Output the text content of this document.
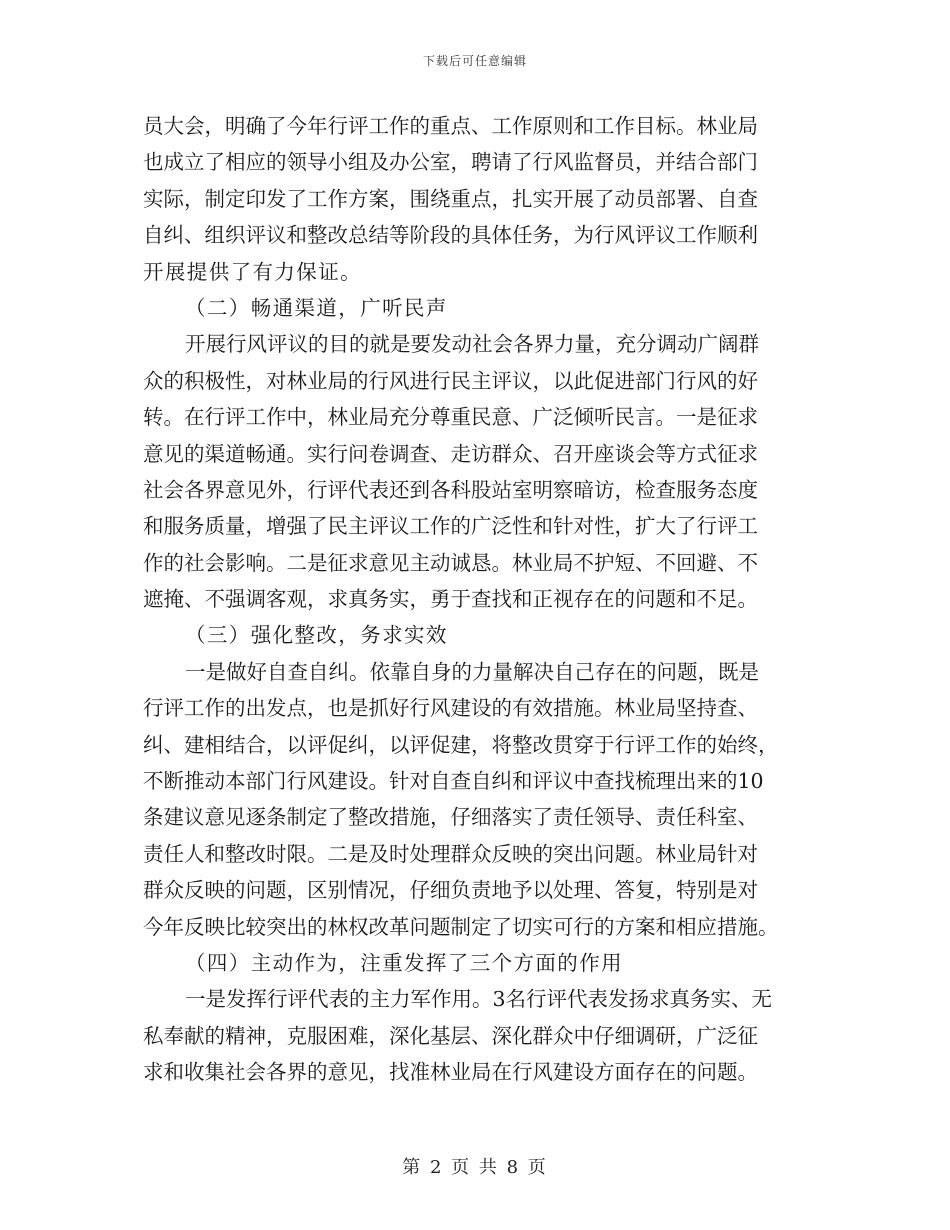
下载后可任意编辑
员大会，明确了今年行评工作的重点、工作原则和工作目标。林业局
也成立了相应的领导小组及办公室，聘请了行风监督员，并结合部门
实际，制定印发了工作方案，围绕重点，扎实开展了动员部署、自查
自纠、组织评议和整改总结等阶段的具体任务，为行风评议工作顺利
开展提供了有力保证。
（二）畅通渠道，广听民声
开展行风评议的目的就是要发动社会各界力量，充分调动广阔群
众的积极性，对林业局的行风进行民主评议，以此促进部门行风的好
转。在行评工作中，林业局充分尊重民意、广泛倾听民言。一是征求
意见的渠道畅通。实行问卷调查、走访群众、召开座谈会等方式征求
社会各界意见外，行评代表还到各科股站室明察暗访，检查服务态度
和服务质量，增强了民主评议工作的广泛性和针对性，扩大了行评工
作的社会影响。二是征求意见主动诚恳。林业局不护短、不回避、不
遮掩、不强调客观，求真务实，勇于查找和正视存在的问题和不足。
（三）强化整改，务求实效
一是做好自查自纠。依靠自身的力量解决自己存在的问题，既是
行评工作的出发点，也是抓好行风建设的有效措施。林业局坚持查、
纠、建相结合，以评促纠，以评促建，将整改贯穿于行评工作的始终，
不断推动本部门行风建设。针对自查自纠和评议中查找梳理出来的10
条建议意见逐条制定了整改措施，仔细落实了责任领导、责任科室、
责任人和整改时限。二是及时处理群众反映的突出问题。林业局针对
群众反映的问题，区别情况，仔细负责地予以处理、答复，特别是对
今年反映比较突出的林权改革问题制定了切实可行的方案和相应措施。
（四）主动作为，注重发挥了三个方面的作用
一是发挥行评代表的主力军作用。3名行评代表发扬求真务实、无
私奉献的精神，克服困难，深化基层、深化群众中仔细调研，广泛征
求和收集社会各界的意见，找准林业局在行风建设方面存在的问题。
第 2 页 共 8 页
